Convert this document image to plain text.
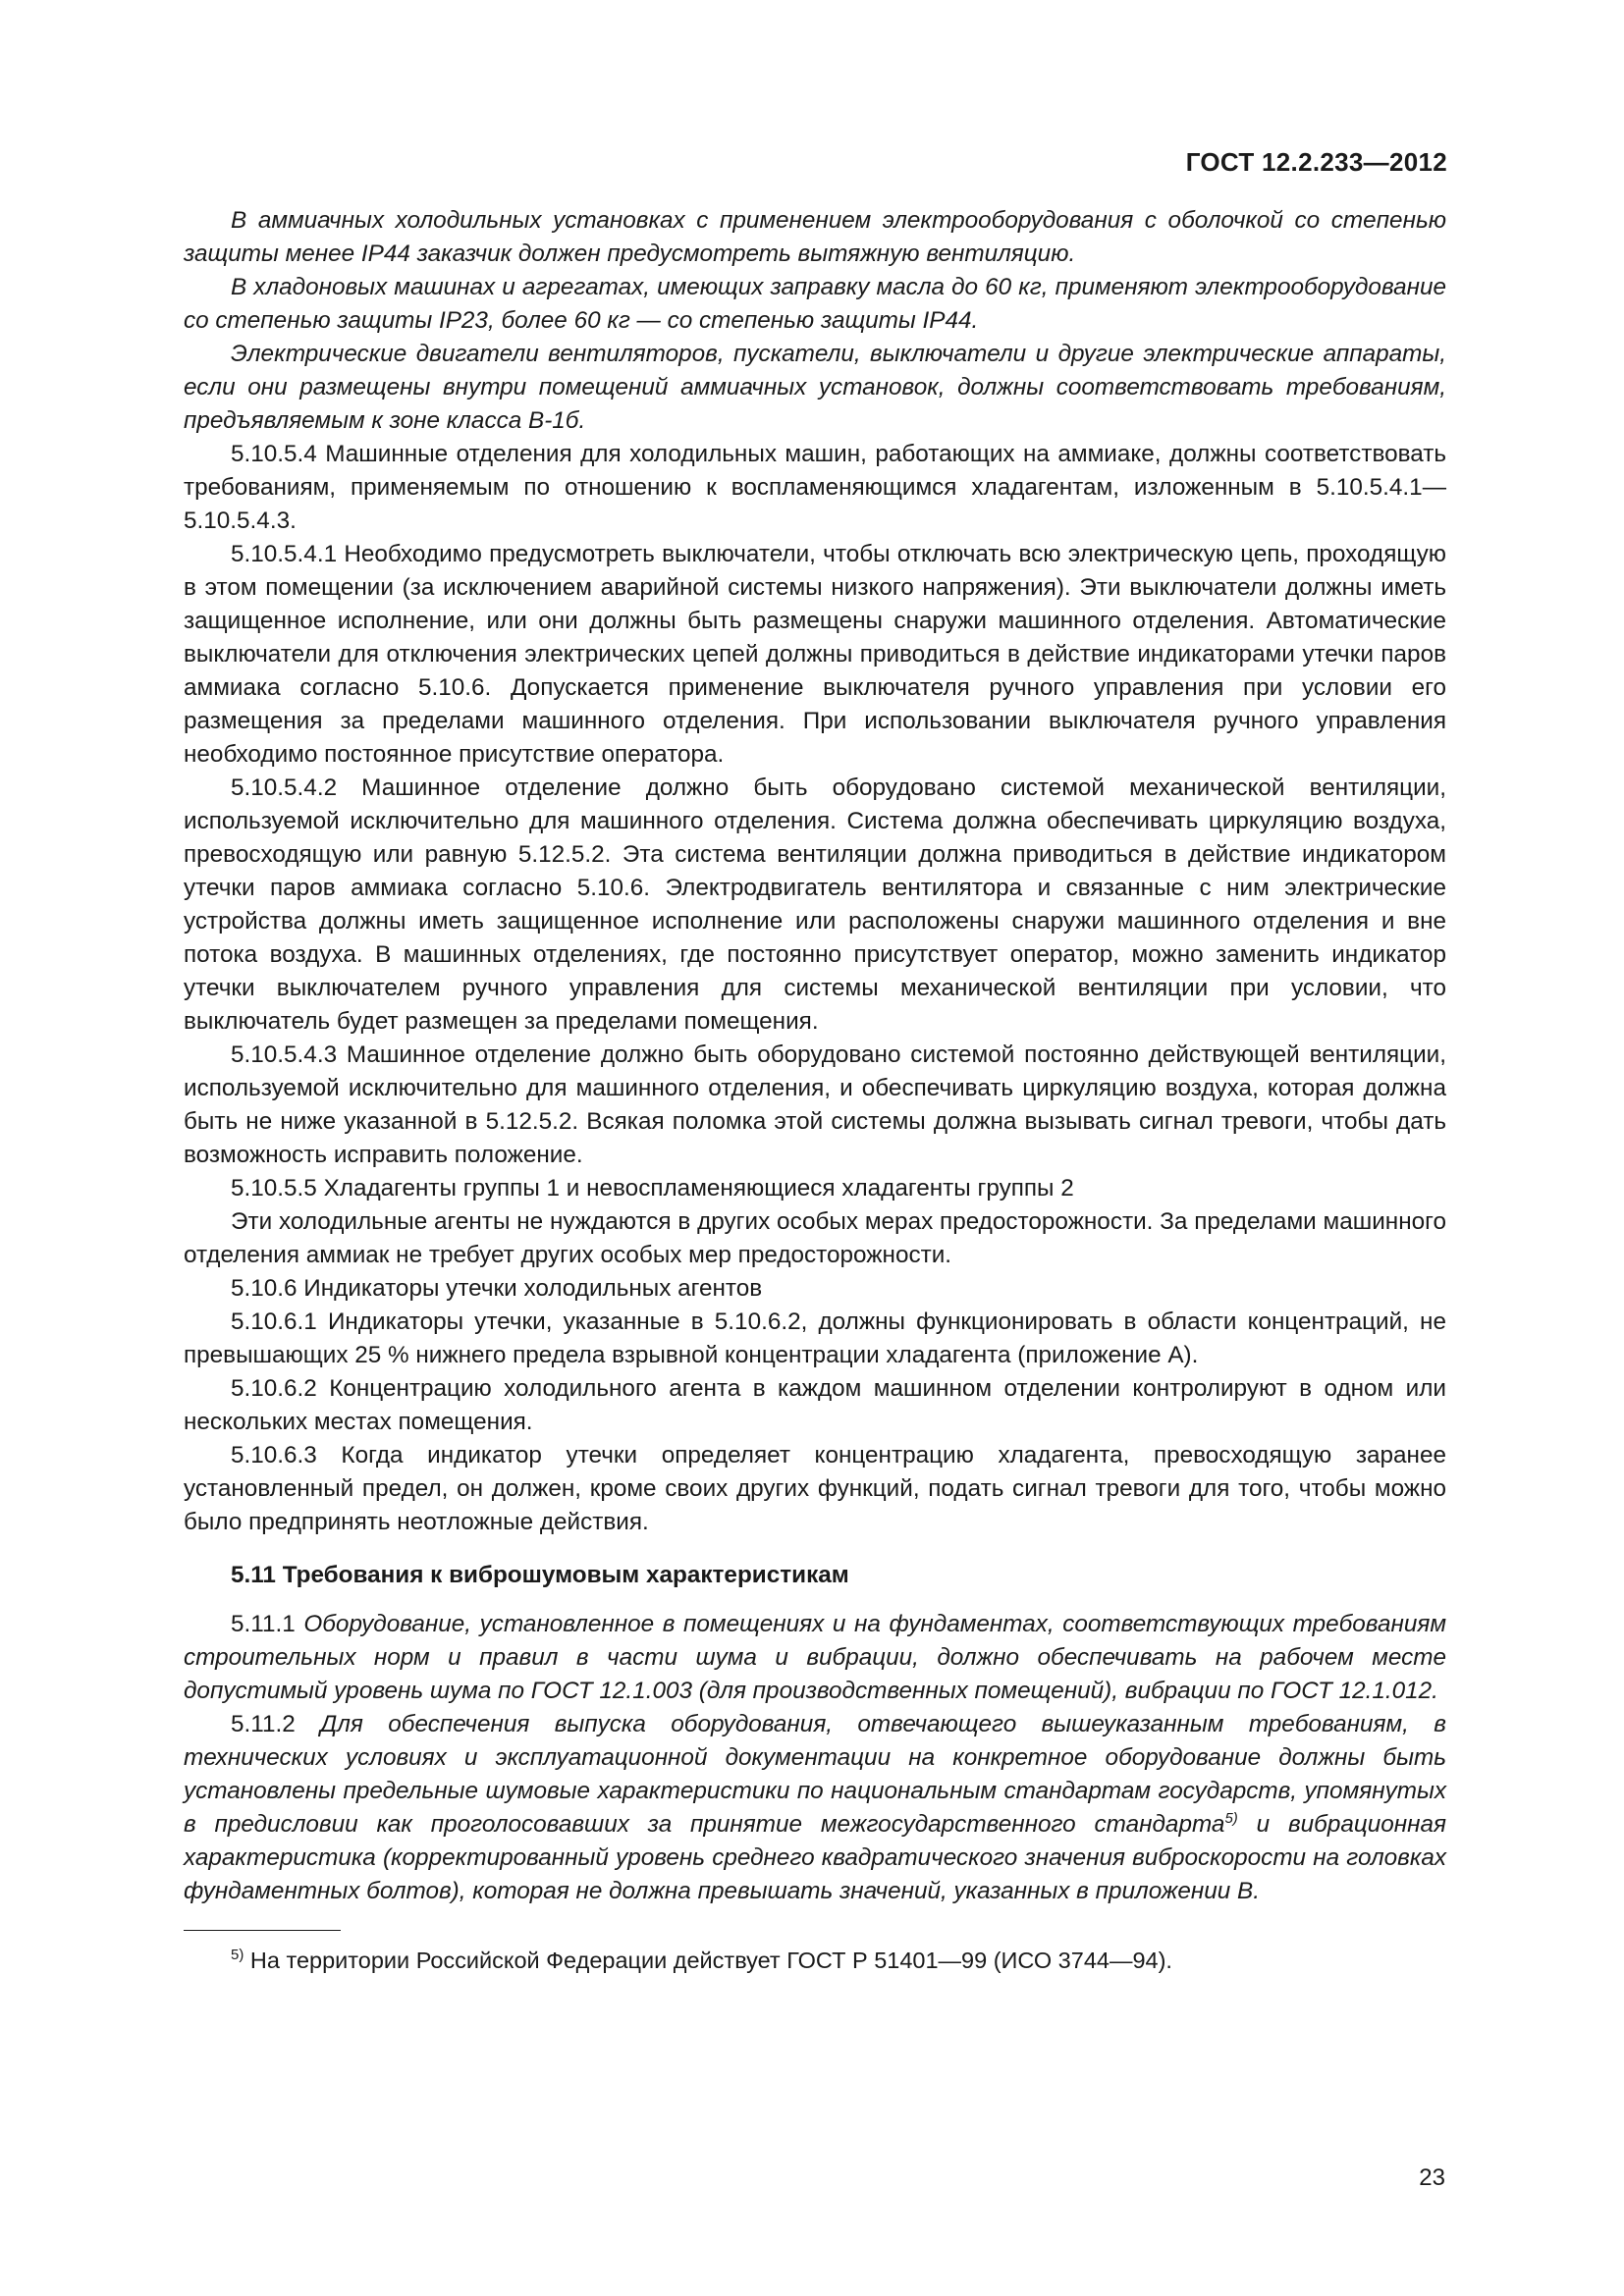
ГОСТ 12.2.233—2012

В аммиачных холодильных установках с применением электрооборудования с оболочкой со степенью защиты менее IP44 заказчик должен предусмотреть вытяжную вентиляцию.

В хладоновых машинах и агрегатах, имеющих заправку масла до 60 кг, применяют электрооборудование со степенью защиты IP23, более 60 кг — со степенью защиты IP44.

Электрические двигатели вентиляторов, пускатели, выключатели и другие электрические аппараты, если они размещены внутри помещений аммиачных установок, должны соответствовать требованиям, предъявляемым к зоне класса В-1б.

5.10.5.4 Машинные отделения для холодильных машин, работающих на аммиаке, должны соответствовать требованиям, применяемым по отношению к воспламеняющимся хладагентам, изложенным в 5.10.5.4.1—5.10.5.4.3.

5.10.5.4.1 Необходимо предусмотреть выключатели, чтобы отключать всю электрическую цепь, проходящую в этом помещении (за исключением аварийной системы низкого напряжения). Эти выключатели должны иметь защищенное исполнение, или они должны быть размещены снаружи машинного отделения. Автоматические выключатели для отключения электрических цепей должны приводиться в действие индикаторами утечки паров аммиака согласно 5.10.6. Допускается применение выключателя ручного управления при условии его размещения за пределами машинного отделения. При использовании выключателя ручного управления необходимо постоянное присутствие оператора.

5.10.5.4.2 Машинное отделение должно быть оборудовано системой механической вентиляции, используемой исключительно для машинного отделения. Система должна обеспечивать циркуляцию воздуха, превосходящую или равную 5.12.5.2. Эта система вентиляции должна приводиться в действие индикатором утечки паров аммиака согласно 5.10.6. Электродвигатель вентилятора и связанные с ним электрические устройства должны иметь защищенное исполнение или расположены снаружи машинного отделения и вне потока воздуха. В машинных отделениях, где постоянно присутствует оператор, можно заменить индикатор утечки выключателем ручного управления для системы механической вентиляции при условии, что выключатель будет размещен за пределами помещения.

5.10.5.4.3 Машинное отделение должно быть оборудовано системой постоянно действующей вентиляции, используемой исключительно для машинного отделения, и обеспечивать циркуляцию воздуха, которая должна быть не ниже указанной в 5.12.5.2. Всякая поломка этой системы должна вызывать сигнал тревоги, чтобы дать возможность исправить положение.

5.10.5.5 Хладагенты группы 1 и невоспламеняющиеся хладагенты группы 2

Эти холодильные агенты не нуждаются в других особых мерах предосторожности. За пределами машинного отделения аммиак не требует других особых мер предосторожности.

5.10.6 Индикаторы утечки холодильных агентов

5.10.6.1 Индикаторы утечки, указанные в 5.10.6.2, должны функционировать в области концентраций, не превышающих 25 % нижнего предела взрывной концентрации хладагента (приложение А).

5.10.6.2 Концентрацию холодильного агента в каждом машинном отделении контролируют в одном или нескольких местах помещения.

5.10.6.3 Когда индикатор утечки определяет концентрацию хладагента, превосходящую заранее установленный предел, он должен, кроме своих других функций, подать сигнал тревоги для того, чтобы можно было предпринять неотложные действия.

5.11 Требования к виброшумовым характеристикам

5.11.1 Оборудование, установленное в помещениях и на фундаментах, соответствующих требованиям строительных норм и правил в части шума и вибрации, должно обеспечивать на рабочем месте допустимый уровень шума по ГОСТ 12.1.003 (для производственных помещений), вибрации по ГОСТ 12.1.012.

5.11.2 Для обеспечения выпуска оборудования, отвечающего вышеуказанным требованиям, в технических условиях и эксплуатационной документации на конкретное оборудование должны быть установлены предельные шумовые характеристики по национальным стандартам государств, упомянутых в предисловии как проголосовавших за принятие межгосударственного стандарта$^{5)}$ и вибрационная характеристика (корректированный уровень среднего квадратического значения виброскорости на головках фундаментных болтов), которая не должна превышать значений, указанных в приложении В.

$^{5)}$ На территории Российской Федерации действует ГОСТ Р 51401—99 (ИСО 3744—94).

23
